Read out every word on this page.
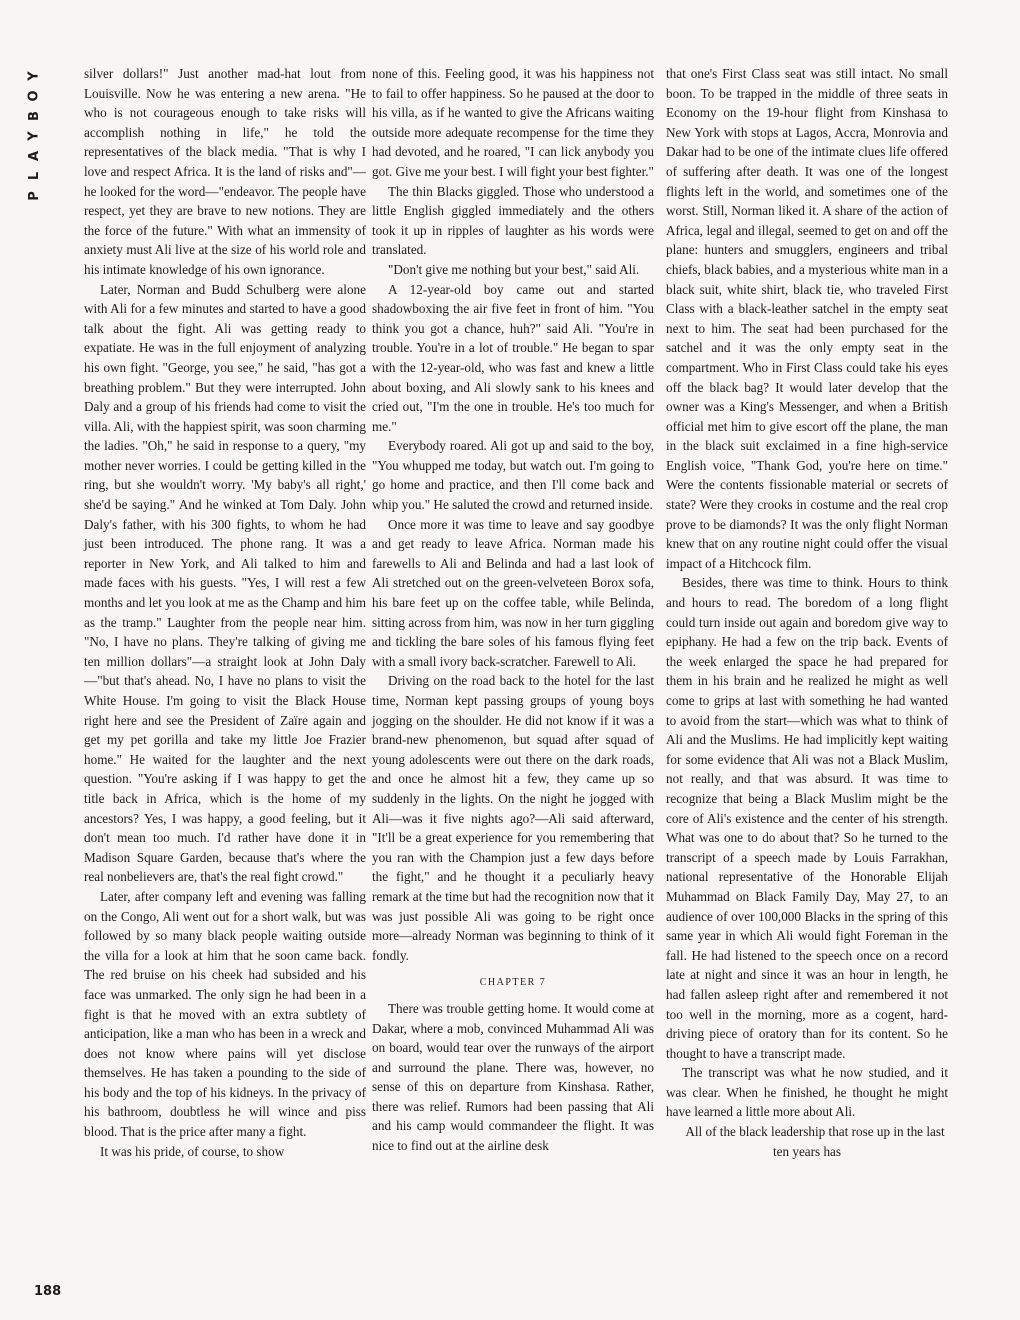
Y
O
B
Y
A
L
P

silver dollars!" Just another mad-hat lout from Louisville. Now he was entering a new arena. "He who is not courageous enough to take risks will accomplish nothing in life," he told the representatives of the black media. "That is why I love and respect Africa. It is the land of risks and"—he looked for the word—"endeavor. The people have respect, yet they are brave to new notions. They are the force of the future." With what an immensity of anxiety must Ali live at the size of his world role and his intimate knowledge of his own ignorance.

Later, Norman and Budd Schulberg were alone with Ali for a few minutes and started to have a good talk about the fight. Ali was getting ready to expatiate. He was in the full enjoyment of analyzing his own fight. "George, you see," he said, "has got a breathing problem." But they were interrupted. John Daly and a group of his friends had come to visit the villa. Ali, with the happiest spirit, was soon charming the ladies. "Oh," he said in response to a query, "my mother never worries. I could be getting killed in the ring, but she wouldn't worry. 'My baby's all right,' she'd be saying." And he winked at Tom Daly. John Daly's father, with his 300 fights, to whom he had just been introduced. The phone rang. It was a reporter in New York, and Ali talked to him and made faces with his guests. "Yes, I will rest a few months and let you look at me as the Champ and him as the tramp." Laughter from the people near him. "No, I have no plans. They're talking of giving me ten million dollars"—a straight look at John Daly—"but that's ahead. No, I have no plans to visit the White House. I'm going to visit the Black House right here and see the President of Zaïre again and get my pet gorilla and take my little Joe Frazier home." He waited for the laughter and the next question. "You're asking if I was happy to get the title back in Africa, which is the home of my ancestors? Yes, I was happy, a good feeling, but it don't mean too much. I'd rather have done it in Madison Square Garden, because that's where the real nonbelievers are, that's the real fight crowd."

Later, after company left and evening was falling on the Congo, Ali went out for a short walk, but was followed by so many black people waiting outside the villa for a look at him that he soon came back. The red bruise on his cheek had subsided and his face was unmarked. The only sign he had been in a fight is that he moved with an extra subtlety of anticipation, like a man who has been in a wreck and does not know where pains will yet disclose themselves. He has taken a pounding to the side of his body and the top of his kidneys. In the privacy of his bathroom, doubtless he will wince and piss blood. That is the price after many a fight.

It was his pride, of course, to show

none of this. Feeling good, it was his happiness not to fail to offer happiness. So he paused at the door to his villa, as if he wanted to give the Africans waiting outside more adequate recompense for the time they had devoted, and he roared, "I can lick anybody you got. Give me your best. I will fight your best fighter."

The thin Blacks giggled. Those who understood a little English giggled immediately and the others took it up in ripples of laughter as his words were translated.

"Don't give me nothing but your best," said Ali.

A 12-year-old boy came out and started shadowboxing the air five feet in front of him. "You think you got a chance, huh?" said Ali. "You're in trouble. You're in a lot of trouble." He began to spar with the 12-year-old, who was fast and knew a little about boxing, and Ali slowly sank to his knees and cried out, "I'm the one in trouble. He's too much for me."

Everybody roared. Ali got up and said to the boy, "You whupped me today, but watch out. I'm going to go home and practice, and then I'll come back and whip you." He saluted the crowd and returned inside.

Once more it was time to leave and say goodbye and get ready to leave Africa. Norman made his farewells to Ali and Belinda and had a last look of Ali stretched out on the green-velveteen Borox sofa, his bare feet up on the coffee table, while Belinda, sitting across from him, was now in her turn giggling and tickling the bare soles of his famous flying feet with a small ivory back-scratcher. Farewell to Ali.

Driving on the road back to the hotel for the last time, Norman kept passing groups of young boys jogging on the shoulder. He did not know if it was a brand-new phenomenon, but squad after squad of young adolescents were out there on the dark roads, and once he almost hit a few, they came up so suddenly in the lights. On the night he jogged with Ali—was it five nights ago?—Ali said afterward, "It'll be a great experience for you remembering that you ran with the Champion just a few days before the fight," and he thought it a peculiarly heavy remark at the time but had the recognition now that it was just possible Ali was going to be right once more—already Norman was beginning to think of it fondly.

CHAPTER 7

There was trouble getting home. It would come at Dakar, where a mob, convinced Muhammad Ali was on board, would tear over the runways of the airport and surround the plane. There was, however, no sense of this on departure from Kinshasa. Rather, there was relief. Rumors had been passing that Ali and his camp would commandeer the flight. It was nice to find out at the airline desk

that one's First Class seat was still intact. No small boon. To be trapped in the middle of three seats in Economy on the 19-hour flight from Kinshasa to New York with stops at Lagos, Accra, Monrovia and Dakar had to be one of the intimate clues life offered of suffering after death. It was one of the longest flights left in the world, and sometimes one of the worst. Still, Norman liked it. A share of the action of Africa, legal and illegal, seemed to get on and off the plane: hunters and smugglers, engineers and tribal chiefs, black babies, and a mysterious white man in a black suit, white shirt, black tie, who traveled First Class with a black-leather satchel in the empty seat next to him. The seat had been purchased for the satchel and it was the only empty seat in the compartment. Who in First Class could take his eyes off the black bag? It would later develop that the owner was a King's Messenger, and when a British official met him to give escort off the plane, the man in the black suit exclaimed in a fine high-service English voice, "Thank God, you're here on time." Were the contents fissionable material or secrets of state? Were they crooks in costume and the real crop prove to be diamonds? It was the only flight Norman knew that on any routine night could offer the visual impact of a Hitchcock film.

Besides, there was time to think. Hours to think and hours to read. The boredom of a long flight could turn inside out again and boredom give way to epiphany. He had a few on the trip back. Events of the week enlarged the space he had prepared for them in his brain and he realized he might as well come to grips at last with something he had wanted to avoid from the start—which was what to think of Ali and the Muslims. He had implicitly kept waiting for some evidence that Ali was not a Black Muslim, not really, and that was absurd. It was time to recognize that being a Black Muslim might be the core of Ali's existence and the center of his strength. What was one to do about that? So he turned to the transcript of a speech made by Louis Farrakhan, national representative of the Honorable Elijah Muhammad on Black Family Day, May 27, to an audience of over 100,000 Blacks in the spring of this same year in which Ali would fight Foreman in the fall. He had listened to the speech once on a record late at night and since it was an hour in length, he had fallen asleep right after and remembered it not too well in the morning, more as a cogent, hard-driving piece of oratory than for its content. So he thought to have a transcript made.

The transcript was what he now studied, and it was clear. When he finished, he thought he might have learned a little more about Ali.

All of the black leadership that rose up in the last ten years has

188
